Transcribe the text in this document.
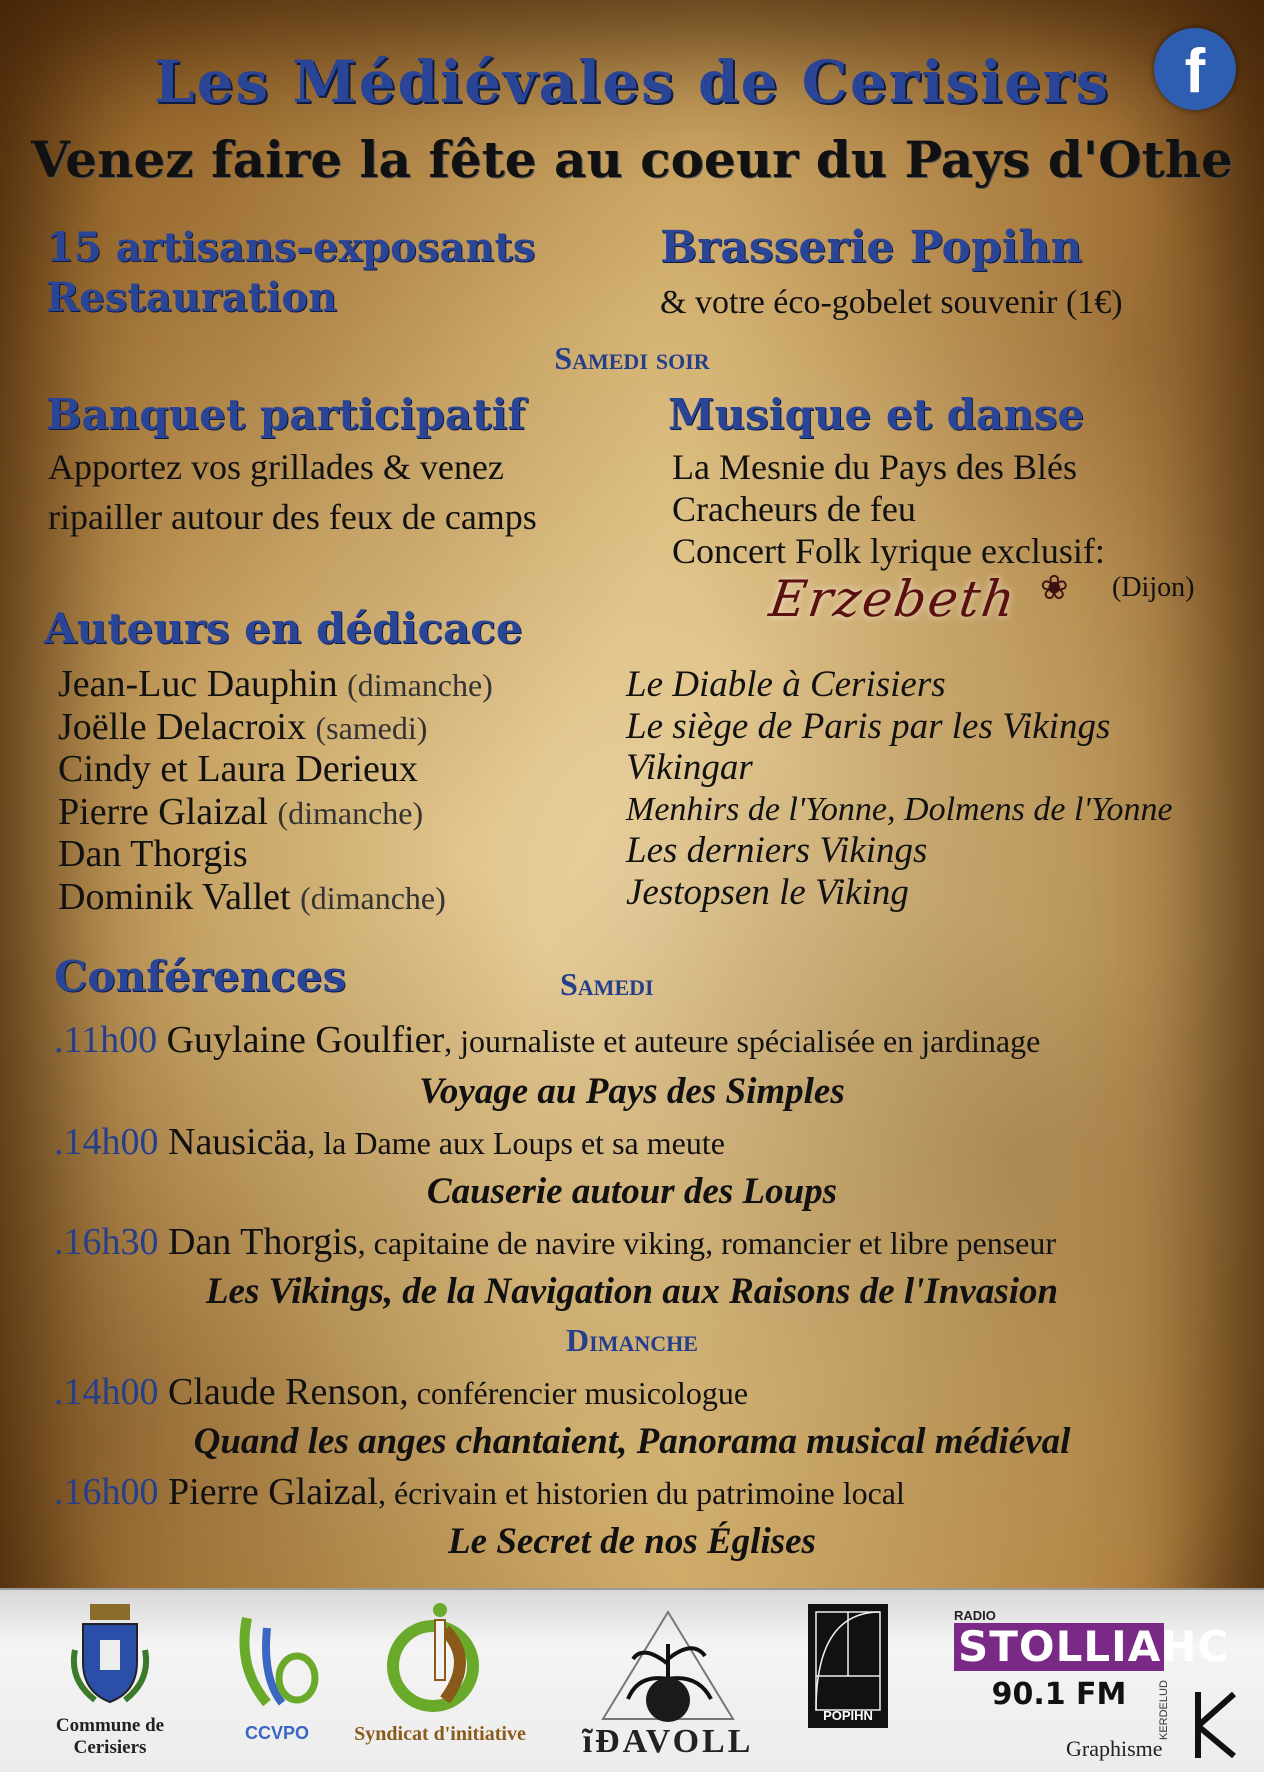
Les Médiévales de Cerisiers
Venez faire la fête au coeur du Pays d'Othe
f
15 artisans-exposants
Restauration
Brasserie Popihn
& votre éco-gobelet souvenir (1€)
Samedi soir
Banquet participatif
Apportez vos grillades & venez
ripailler autour des feux de camps
Musique et danse
La Mesnie du Pays des Blés
Cracheurs de feu
Concert Folk lyrique exclusif:
Erzebeth ❀ (Dijon)
Auteurs en dédicace
Jean-Luc Dauphin (dimanche)
Joëlle Delacroix (samedi)
Cindy et Laura Derieux
Pierre Glaizal (dimanche)
Dan Thorgis
Dominik Vallet (dimanche)
Le Diable à Cerisiers
Le siège de Paris par les Vikings
Vikingar
Menhirs de l'Yonne, Dolmens de l'Yonne
Les derniers Vikings
Jestopsen le Viking
Conférences	Samedi
.11h00 Guylaine Goulfier, journaliste et auteure spécialisée en jardinage
Voyage au Pays des Simples
.14h00 Nausicäa, la Dame aux Loups et sa meute
Causerie autour des Loups
.16h30 Dan Thorgis, capitaine de navire viking, romancier et libre penseur
Les Vikings, de la Navigation aux Raisons de l'Invasion
Dimanche
.14h00 Claude Renson, conférencier musicologue
Quand les anges chantaient, Panorama musical médiéval
.16h00 Pierre Glaizal, écrivain et historien du patrimoine local
Le Secret de nos Églises
Commune de
Cerisiers
CCVPO	Syndicat d'initiative	ĩĐAVOLL
POPIHN
RADIO
STOLLIAHC
90.1 FM
Graphisme
KERDELUD
